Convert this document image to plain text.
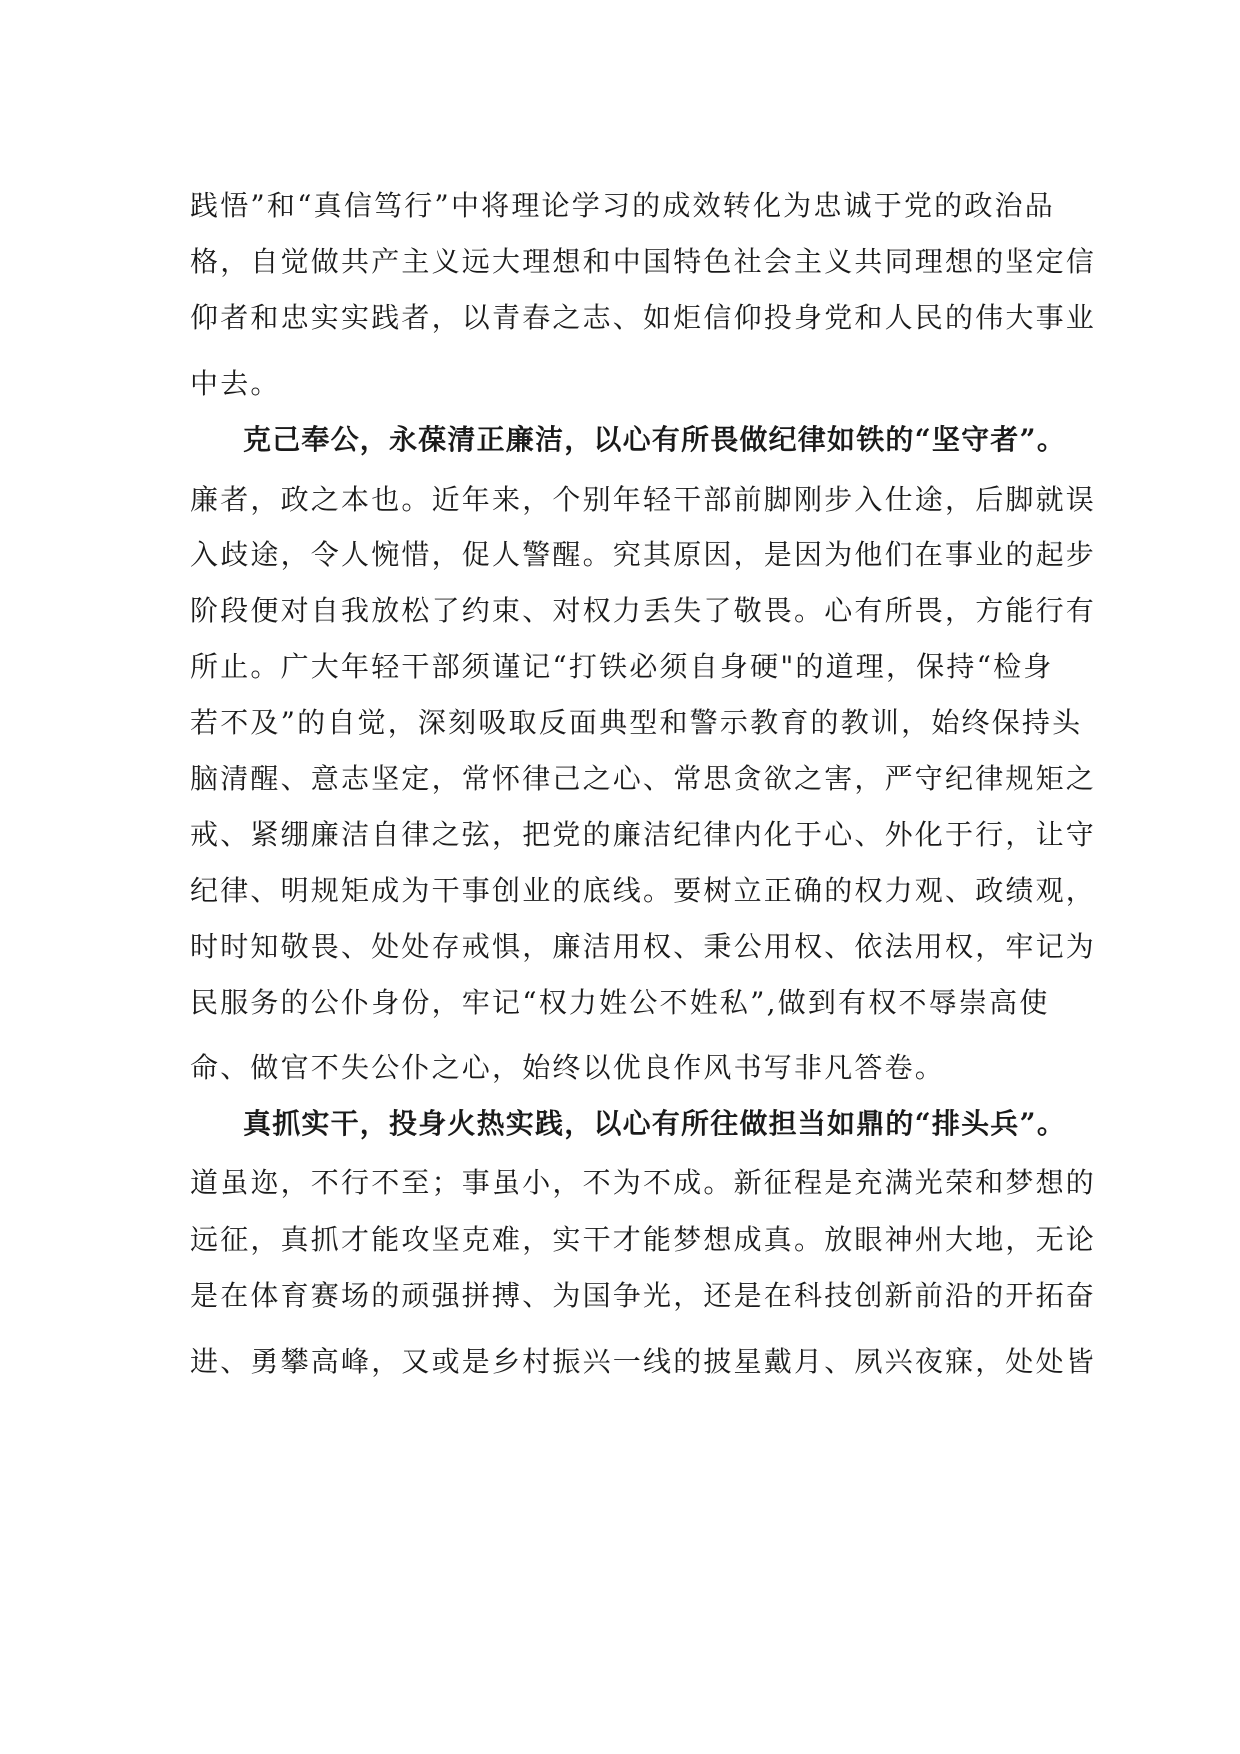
践悟”和“真信笃行”中将理论学习的成效转化为忠诚于党的政治品
格，自觉做共产主义远大理想和中国特色社会主义共同理想的坚定信
仰者和忠实实践者，以青春之志、如炬信仰投身党和人民的伟大事业
中去。
克己奉公，永葆清正廉洁，以心有所畏做纪律如铁的“坚守者”。
廉者，政之本也。近年来，个别年轻干部前脚刚步入仕途，后脚就误
入歧途，令人惋惜，促人警醒。究其原因，是因为他们在事业的起步
阶段便对自我放松了约束、对权力丢失了敬畏。心有所畏，方能行有
所止。广大年轻干部须谨记“打铁必须自身硬"的道理，保持“检身
若不及”的自觉，深刻吸取反面典型和警示教育的教训，始终保持头
脑清醒、意志坚定，常怀律己之心、常思贪欲之害，严守纪律规矩之
戒、紧绷廉洁自律之弦，把党的廉洁纪律内化于心、外化于行，让守
纪律、明规矩成为干事创业的底线。要树立正确的权力观、政绩观，
时时知敬畏、处处存戒惧，廉洁用权、秉公用权、依法用权，牢记为
民服务的公仆身份，牢记“权力姓公不姓私”,做到有权不辱崇高使
命、做官不失公仆之心，始终以优良作风书写非凡答卷。
真抓实干，投身火热实践，以心有所往做担当如鼎的“排头兵”。
道虽迩，不行不至；事虽小，不为不成。新征程是充满光荣和梦想的
远征，真抓才能攻坚克难，实干才能梦想成真。放眼神州大地，无论
是在体育赛场的顽强拼搏、为国争光，还是在科技创新前沿的开拓奋
进、勇攀高峰，又或是乡村振兴一线的披星戴月、夙兴夜寐，处处皆
